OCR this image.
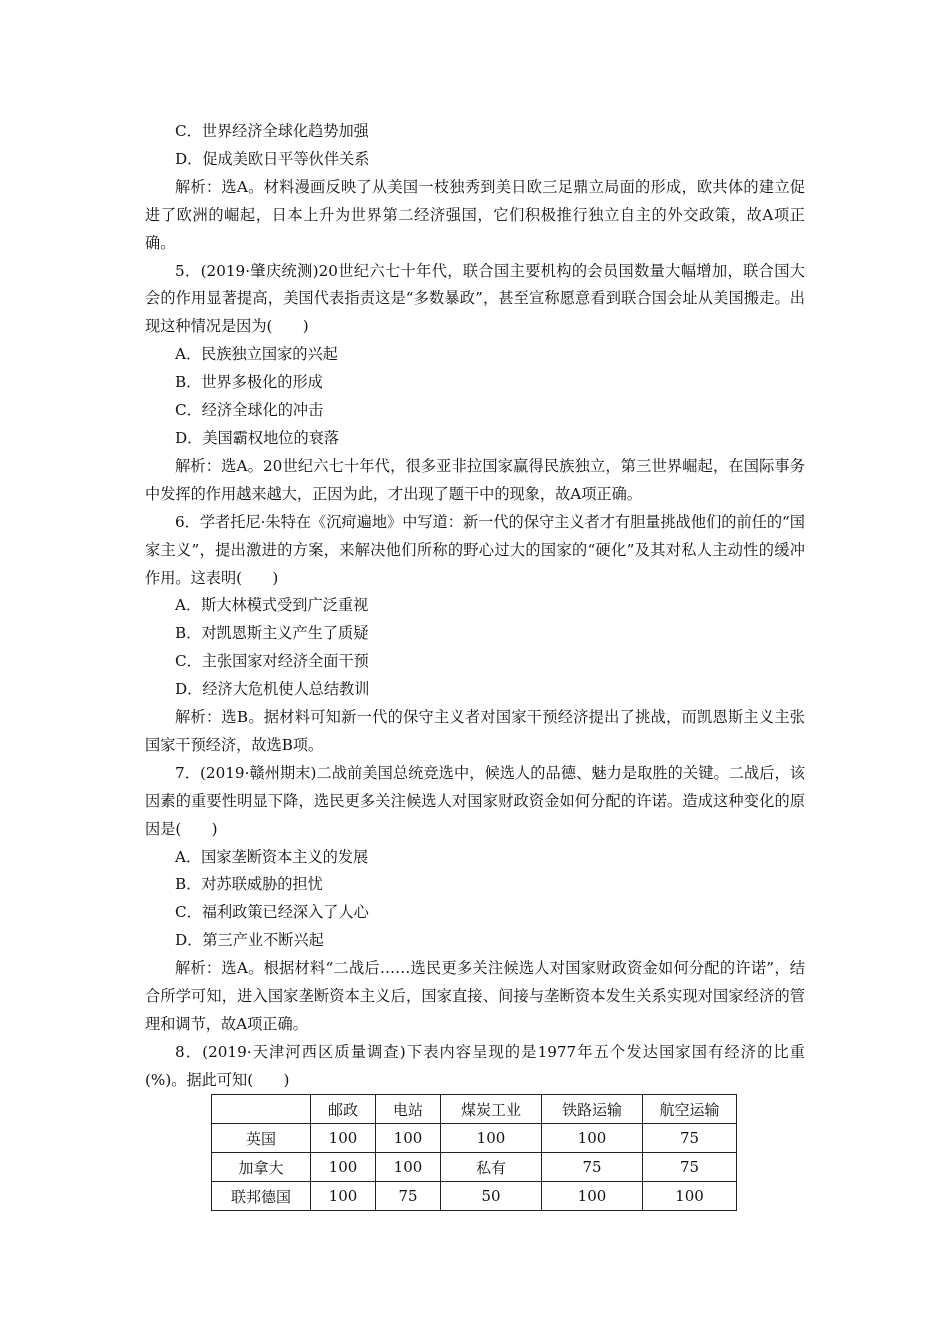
C．世界经济全球化趋势加强
D．促成美欧日平等伙伴关系
解析：选A。材料漫画反映了从美国一枝独秀到美日欧三足鼎立局面的形成，欧共体的建立促进了欧洲的崛起，日本上升为世界第二经济强国，它们积极推行独立自主的外交政策，故A项正确。
5．(2019·肇庆统测)20世纪六七十年代，联合国主要机构的会员国数量大幅增加，联合国大会的作用显著提高，美国代表指责这是“多数暴政”，甚至宣称愿意看到联合国会址从美国搬走。出现这种情况是因为(　　)
A．民族独立国家的兴起
B．世界多极化的形成
C．经济全球化的冲击
D．美国霸权地位的衰落
解析：选A。20世纪六七十年代，很多亚非拉国家赢得民族独立，第三世界崛起，在国际事务中发挥的作用越来越大，正因为此，才出现了题干中的现象，故A项正确。
6．学者托尼·朱特在《沉疴遍地》中写道：新一代的保守主义者才有胆量挑战他们的前任的“国家主义”，提出激进的方案，来解决他们所称的野心过大的国家的“硬化”及其对私人主动性的缓冲作用。这表明(　　)
A．斯大林模式受到广泛重视
B．对凯恩斯主义产生了质疑
C．主张国家对经济全面干预
D．经济大危机使人总结教训
解析：选B。据材料可知新一代的保守主义者对国家干预经济提出了挑战，而凯恩斯主义主张国家干预经济，故选B项。
7．(2019·赣州期末)二战前美国总统竞选中，候选人的品德、魅力是取胜的关键。二战后，该因素的重要性明显下降，选民更多关注候选人对国家财政资金如何分配的许诺。造成这种变化的原因是(　　)
A．国家垄断资本主义的发展
B．对苏联威胁的担忧
C．福利政策已经深入了人心
D．第三产业不断兴起
解析：选A。根据材料“二战后……选民更多关注候选人对国家财政资金如何分配的许诺”，结合所学可知，进入国家垄断资本主义后，国家直接、间接与垄断资本发生关系实现对国家经济的管理和调节，故A项正确。
8．(2019·天津河西区质量调查)下表内容呈现的是1977年五个发达国家国有经济的比重(%)。据此可知(　　)
	邮政	电站	煤炭工业	铁路运输	航空运输
英国	100	100	100	100	75
加拿大	100	100	私有	75	75
联邦德国	100	75	50	100	100
